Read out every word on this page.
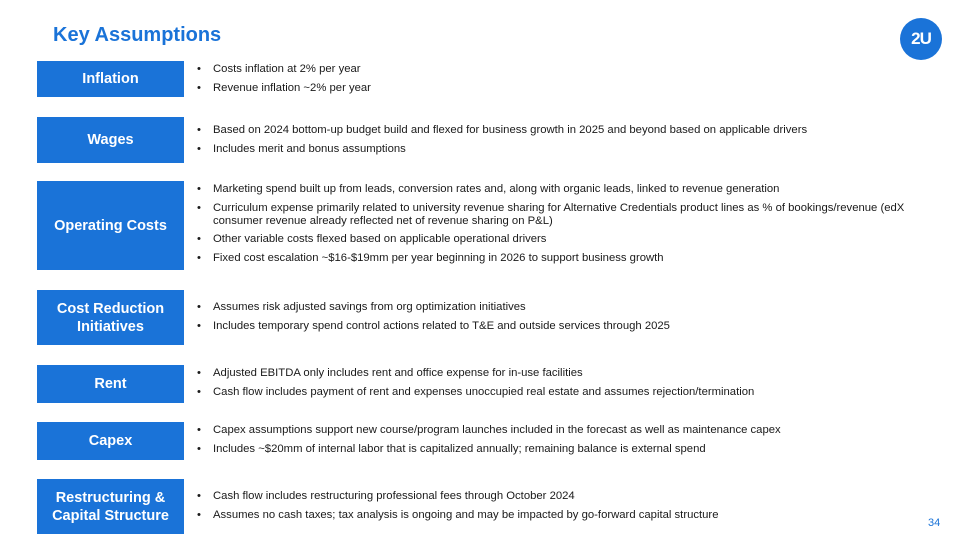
Key Assumptions	2U
Inflation
• Costs inflation at 2% per year
• Revenue inflation ~2% per year
Wages
• Based on 2024 bottom-up budget build and flexed for business growth in 2025 and beyond based on applicable drivers
• Includes merit and bonus assumptions
Operating Costs
• Marketing spend built up from leads, conversion rates and, along with organic leads, linked to revenue generation
• Curriculum expense primarily related to university revenue sharing for Alternative Credentials product lines as % of bookings/revenue (edX consumer revenue already reflected net of revenue sharing on P&L)
• Other variable costs flexed based on applicable operational drivers
• Fixed cost escalation ~$16-$19mm per year beginning in 2026 to support business growth
Cost Reduction
Initiatives
• Assumes risk adjusted savings from org optimization initiatives
• Includes temporary spend control actions related to T&E and outside services through 2025
Rent
• Adjusted EBITDA only includes rent and office expense for in-use facilities
• Cash flow includes payment of rent and expenses unoccupied real estate and assumes rejection/termination
Capex
• Capex assumptions support new course/program launches included in the forecast as well as maintenance capex
• Includes ~$20mm of internal labor that is capitalized annually; remaining balance is external spend
Restructuring &
Capital Structure
• Cash flow includes restructuring professional fees through October 2024
• Assumes no cash taxes; tax analysis is ongoing and may be impacted by go-forward capital structure
34
